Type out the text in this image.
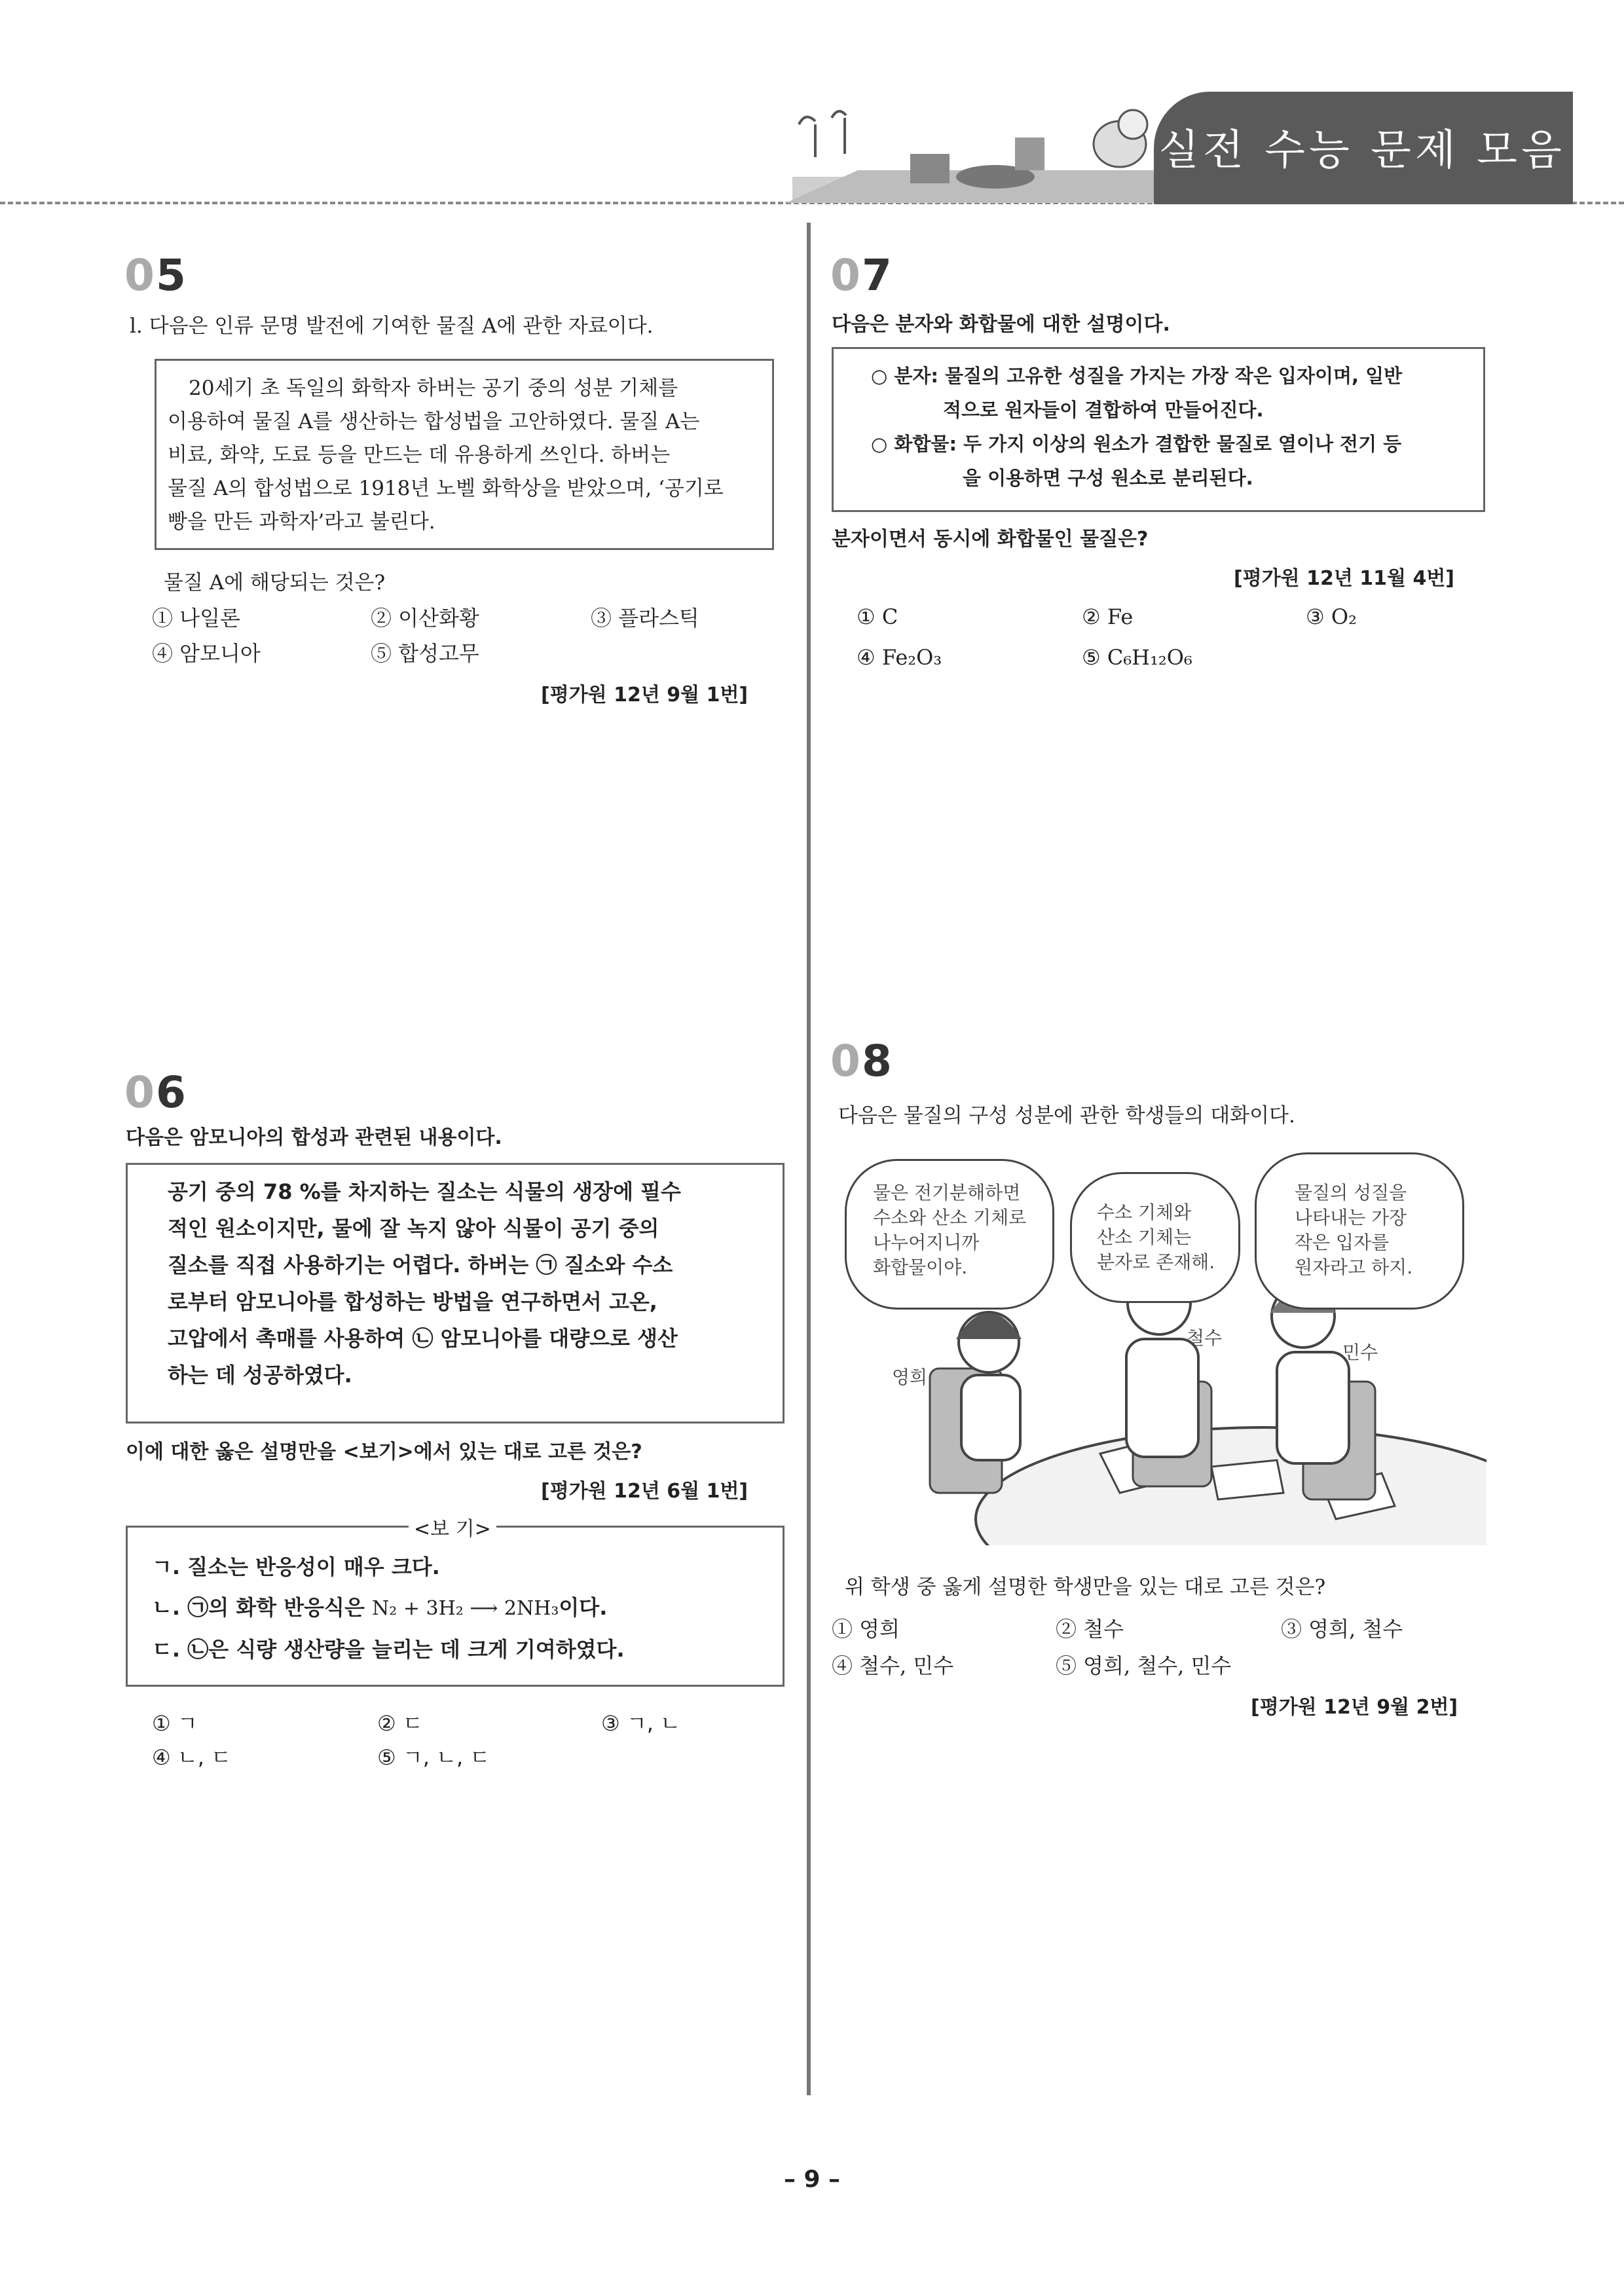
실전 수능 문제 모음
05
l. 다음은 인류 문명 발전에 기여한 물질 A에 관한 자료이다.
20세기 초 독일의 화학자 하버는 공기 중의 성분 기체를
이용하여 물질 A를 생산하는 합성법을 고안하였다. 물질 A는
비료, 화약, 도료 등을 만드는 데 유용하게 쓰인다. 하버는
물질 A의 합성법으로 1918년 노벨 화학상을 받았으며, ‘공기로
빵을 만든 과학자’라고 불린다.
물질 A에 해당되는 것은?
① 나일론	② 이산화황	③ 플라스틱
④ 암모니아	⑤ 합성고무
[평가원 12년 9월 1번]
07
다음은 분자와 화합물에 대한 설명이다.
○ 분자: 물질의 고유한 성질을 가지는 가장 작은 입자이며, 일반
적으로 원자들이 결합하여 만들어진다.
○ 화합물: 두 가지 이상의 원소가 결합한 물질로 열이나 전기 등
을 이용하면 구성 원소로 분리된다.
분자이면서 동시에 화합물인 물질은?
[평가원 12년 11월 4번]
① C	② Fe	③ O₂
④ Fe₂O₃	⑤ C₆H₁₂O₆
06
다음은 암모니아의 합성과 관련된 내용이다.
공기 중의 78 %를 차지하는 질소는 식물의 생장에 필수
적인 원소이지만, 물에 잘 녹지 않아 식물이 공기 중의
질소를 직접 사용하기는 어렵다. 하버는 ㉠ 질소와 수소
로부터 암모니아를 합성하는 방법을 연구하면서 고온,
고압에서 촉매를 사용하여 ㉡ 암모니아를 대량으로 생산
하는 데 성공하였다.
이에 대한 옳은 설명만을 <보기>에서 있는 대로 고른 것은?
[평가원 12년 6월 1번]
<보 기>
ㄱ. 질소는 반응성이 매우 크다.
ㄴ. ㉠의 화학 반응식은 N₂ + 3H₂ ⟶ 2NH₃이다.
ㄷ. ㉡은 식량 생산량을 늘리는 데 크게 기여하였다.
① ㄱ	② ㄷ	③ ㄱ, ㄴ
④ ㄴ, ㄷ	⑤ ㄱ, ㄴ, ㄷ
08
다음은 물질의 구성 성분에 관한 학생들의 대화이다.
물은 전기분해하면
수소와 산소 기체로
나누어지니까
화합물이야.
수소 기체와
산소 기체는
분자로 존재해.
물질의 성질을
나타내는 가장
작은 입자를
원자라고 하지.
영희
철수
민수
위 학생 중 옳게 설명한 학생만을 있는 대로 고른 것은?
① 영희	② 철수	③ 영희, 철수
④ 철수, 민수	⑤ 영희, 철수, 민수
[평가원 12년 9월 2번]
– 9 –
